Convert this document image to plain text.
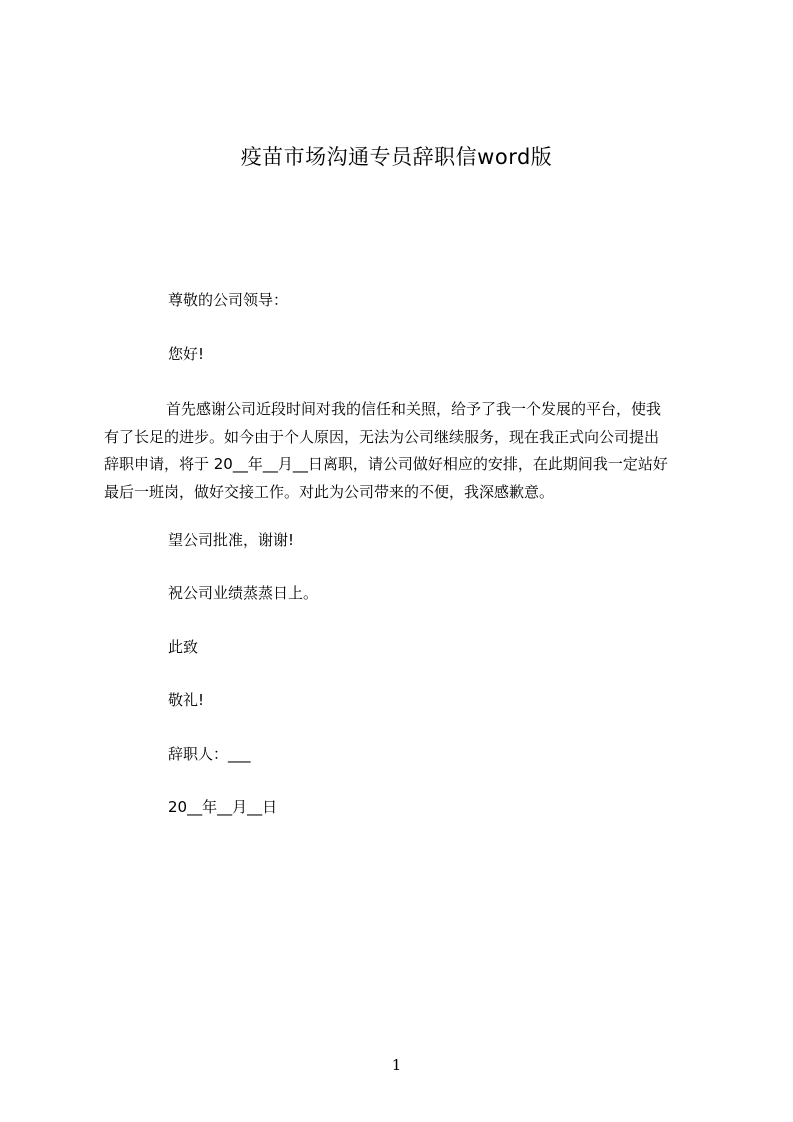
疫苗市场沟通专员辞职信word版
尊敬的公司领导：
您好!
首先感谢公司近段时间对我的信任和关照，给予了我一个发展的平台，使我
有了长足的进步。如今由于个人原因，无法为公司继续服务，现在我正式向公司提出
辞职申请，将于 20__年__月__日离职，请公司做好相应的安排，在此期间我一定站好
最后一班岗，做好交接工作。对此为公司带来的不便，我深感歉意。
望公司批准，谢谢!
祝公司业绩蒸蒸日上。
此致
敬礼!
辞职人：___
20__年__月__日
1
